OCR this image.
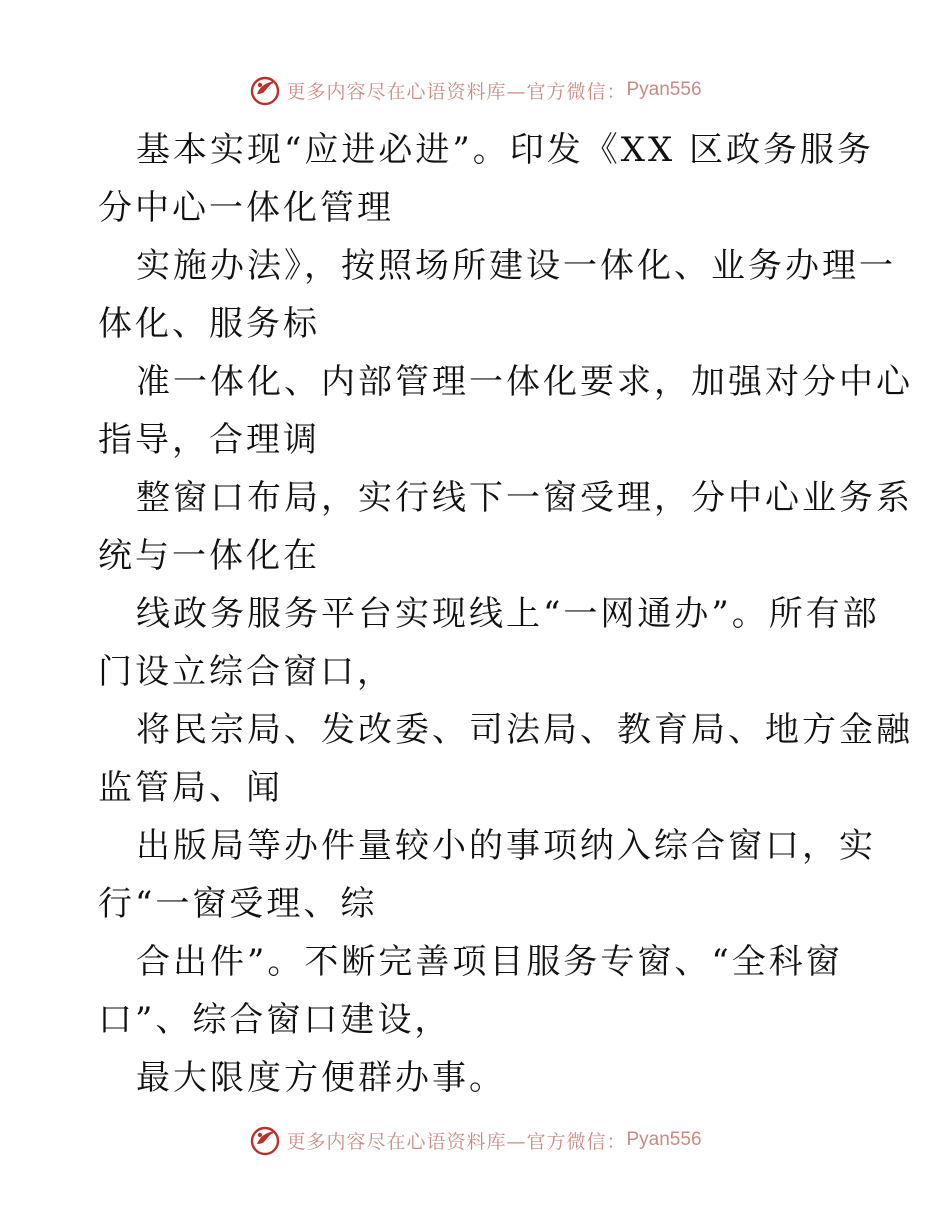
更多内容尽在心语资料库—官方微信： Pyan556
基本实现“应进必进”。印发《XX 区政务服务
分中心一体化管理
实施办法》，按照场所建设一体化、业务办理一
体化、服务标
准一体化、内部管理一体化要求，加强对分中心
指导，合理调
整窗口布局，实行线下一窗受理，分中心业务系
统与一体化在
线政务服务平台实现线上“一网通办”。所有部
门设立综合窗口，
将民宗局、发改委、司法局、教育局、地方金融
监管局、闻
出版局等办件量较小的事项纳入综合窗口，实
行“一窗受理、综
合出件”。不断完善项目服务专窗、“全科窗
口”、综合窗口建设，
最大限度方便群办事。
更多内容尽在心语资料库—官方微信： Pyan556
